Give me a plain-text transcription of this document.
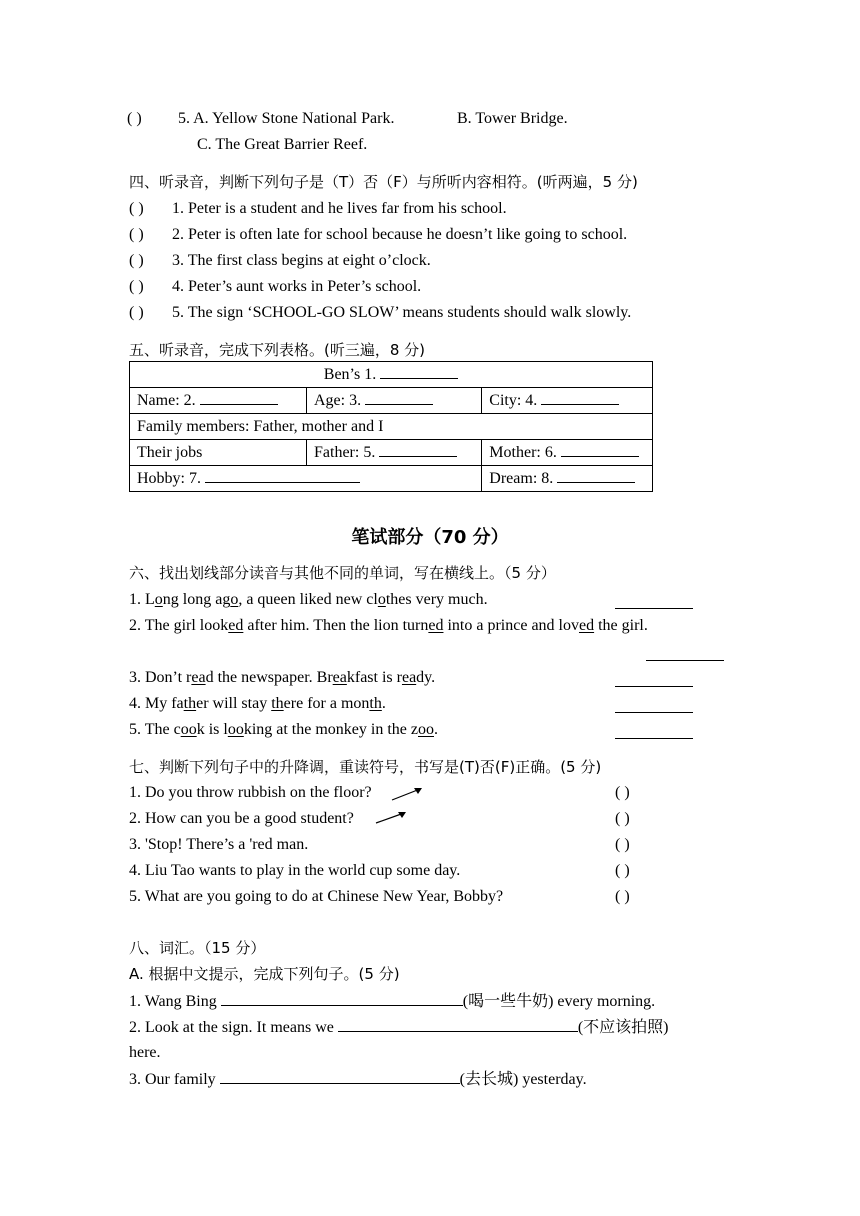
( ) 5. A. Yellow Stone National Park.	B. Tower Bridge.
C. The Great Barrier Reef.
四、听录音，判断下列句子是（T）否（F）与所听内容相符。(听两遍，5 分)
( ) 1. Peter is a student and he lives far from his school.
( ) 2. Peter is often late for school because he doesn’t like going to school.
( ) 3. The first class begins at eight o’clock.
( ) 4. Peter’s aunt works in Peter’s school.
( ) 5. The sign ‘SCHOOL-GO SLOW’ means students should walk slowly.
五、听录音，完成下列表格。(听三遍，8 分)
Ben’s 1.		
Name: 2.	Age: 3.	City: 4.
Family members: Father, mother and I		
Their jobs	Father: 5.	Mother: 6.
Hobby: 7.		Dream: 8.
笔试部分（70 分）
六、找出划线部分读音与其他不同的单词，写在横线上。（5 分）
1. Long long ago, a queen liked new clothes very much.
2. The girl looked after him. Then the lion turned into a prince and loved the girl.
3. Don’t read the newspaper. Breakfast is ready.
4. My father will stay there for a month.
5. The cook is looking at the monkey in the zoo.
七、判断下列句子中的升降调，重读符号，书写是(T)否(F)正确。(5 分)
1. Do you throw rubbish on the floor?	( )
2. How can you be a good student?	( )
3. 'Stop! There’s a 'red man.	( )
4. Liu Tao wants to play in the world cup some day.	( )
5. What are you going to do at Chinese New Year, Bobby?	( )
八、词汇。（15 分）
A. 根据中文提示，完成下列句子。(5 分)
1. Wang Bing	(喝一些牛奶) every morning.
2. Look at the sign. It means we	(不应该拍照)
here.
3. Our family	(去长城) yesterday.
